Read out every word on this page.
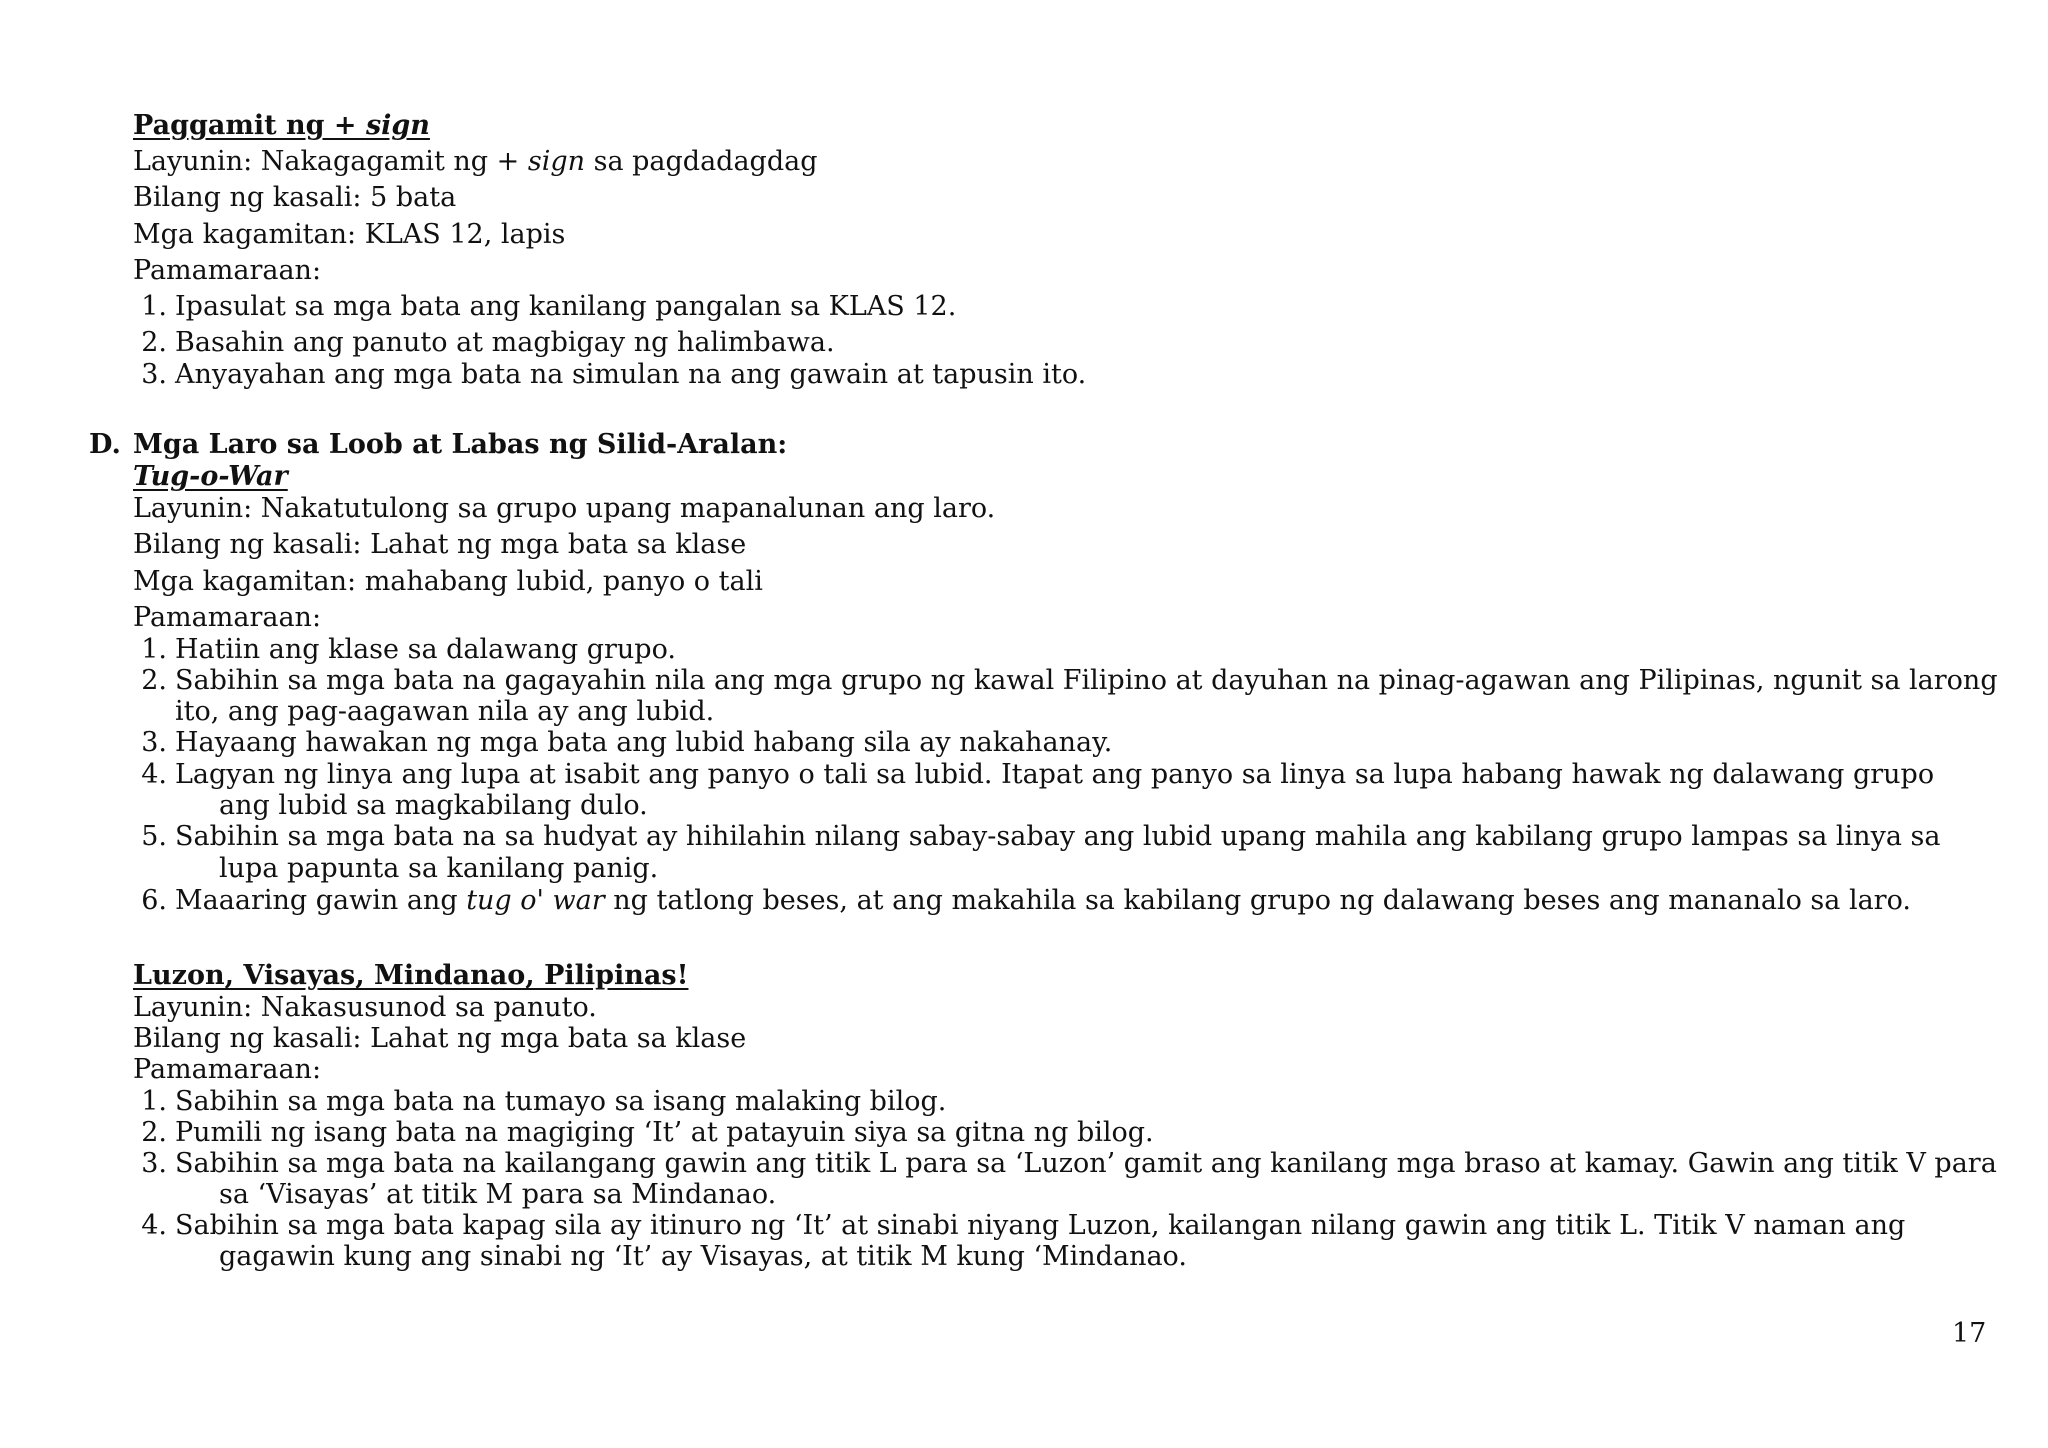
Paggamit ng + sign
Layunin: Nakagagamit ng + sign sa pagdadagdag
Bilang ng kasali: 5 bata
Mga kagamitan: KLAS 12, lapis
Pamamaraan:
1. Ipasulat sa mga bata ang kanilang pangalan sa KLAS 12.
2. Basahin ang panuto at magbigay ng halimbawa.
3. Anyayahan ang mga bata na simulan na ang gawain at tapusin ito.
D. Mga Laro sa Loob at Labas ng Silid-Aralan:
Tug-o-War
Layunin: Nakatutulong sa grupo upang mapanalunan ang laro.
Bilang ng kasali: Lahat ng mga bata sa klase
Mga kagamitan: mahabang lubid, panyo o tali
Pamamaraan:
1. Hatiin ang klase sa dalawang grupo.
2. Sabihin sa mga bata na gagayahin nila ang mga grupo ng kawal Filipino at dayuhan na pinag-agawan ang Pilipinas, ngunit sa larong
ito, ang pag-aagawan nila ay ang lubid.
3. Hayaang hawakan ng mga bata ang lubid habang sila ay nakahanay.
4. Lagyan ng linya ang lupa at isabit ang panyo o tali sa lubid. Itapat ang panyo sa linya sa lupa habang hawak ng dalawang grupo
ang lubid sa magkabilang dulo.
5. Sabihin sa mga bata na sa hudyat ay hihilahin nilang sabay-sabay ang lubid upang mahila ang kabilang grupo lampas sa linya sa
lupa papunta sa kanilang panig.
6. Maaaring gawin ang tug o' war ng tatlong beses, at ang makahila sa kabilang grupo ng dalawang beses ang mananalo sa laro.
Luzon, Visayas, Mindanao, Pilipinas!
Layunin: Nakasusunod sa panuto.
Bilang ng kasali: Lahat ng mga bata sa klase
Pamamaraan:
1. Sabihin sa mga bata na tumayo sa isang malaking bilog.
2. Pumili ng isang bata na magiging ‘It’ at patayuin siya sa gitna ng bilog.
3. Sabihin sa mga bata na kailangang gawin ang titik L para sa ‘Luzon’ gamit ang kanilang mga braso at kamay. Gawin ang titik V para
sa ‘Visayas’ at titik M para sa Mindanao.
4. Sabihin sa mga bata kapag sila ay itinuro ng ‘It’ at sinabi niyang Luzon, kailangan nilang gawin ang titik L. Titik V naman ang
gagawin kung ang sinabi ng ‘It’ ay Visayas, at titik M kung ‘Mindanao.
17
